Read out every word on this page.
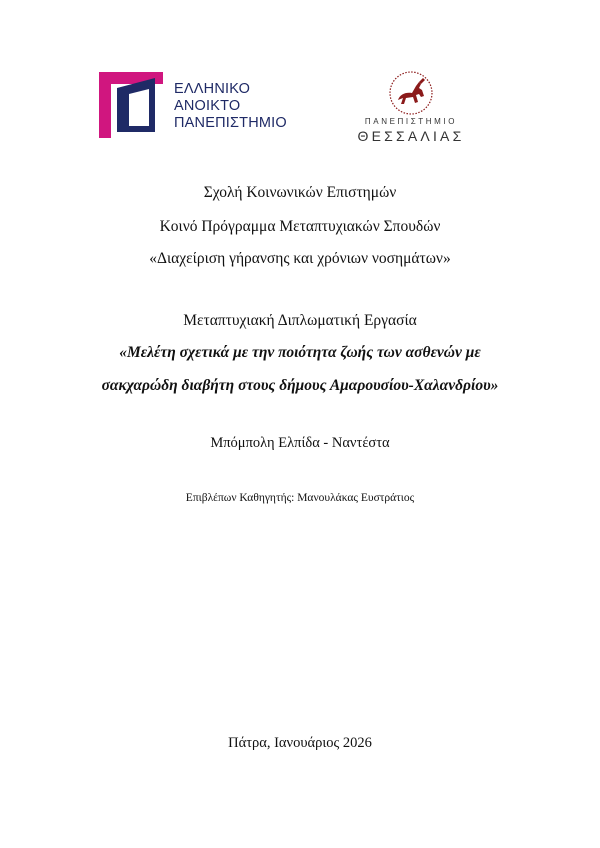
ΕΛΛΗΝΙΚΟ
ΑΝΟΙΚΤΟ
ΠΑΝΕΠΙΣΤΗΜΙΟ	ΠΑΝΕΠΙΣΤΗΜΙΟ
ΘΕΣΣΑΛΙΑΣ
Σχολή Κοινωνικών Επιστημών
Κοινό Πρόγραμμα Μεταπτυχιακών Σπουδών
«Διαχείριση γήρανσης και χρόνιων νοσημάτων»
Μεταπτυχιακή Διπλωματική Εργασία
«Μελέτη σχετικά με την ποιότητα ζωής των ασθενών με
σακχαρώδη διαβήτη στους δήμους Αμαρουσίου-Χαλανδρίου»
Μπόμπολη Ελπίδα - Ναντέστα
Επιβλέπων Καθηγητής: Μανουλάκας Ευστράτιος
Πάτρα, Ιανουάριος 2026
